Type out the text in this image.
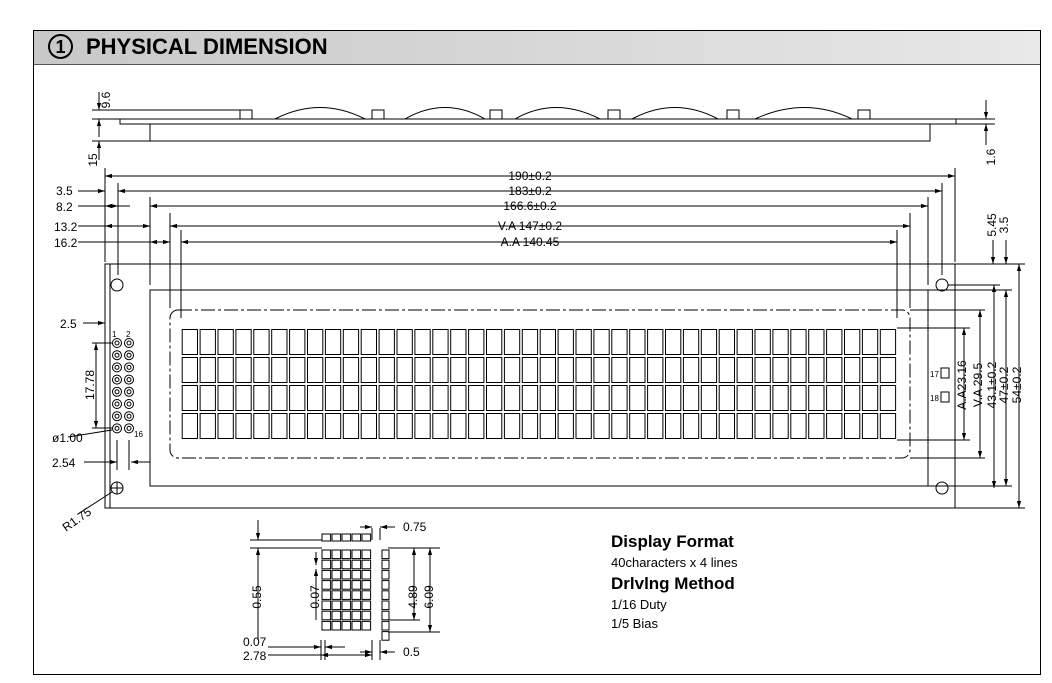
1 PHYSICAL DIMENSION
9.6
15	1.6
190±0.2
183±0.2
166.6±0.2
V.A 147±0.2
A.A 140.45
3.5
8.2
13.2
16.2
5.45
3.5
A.A23.16 V.A 29.5 43.1±0.2
47±0.2 54±0.2
2.5
17.78
ø1.00
2.54
R1.75
1 2
16
17
18
0.75
0.55	0.07	4.89 6.09
0.07
2.78	0.5
Display Format
40characters x 4 lines
Drlvlng Method
1/16 Duty
1/5 Bias
